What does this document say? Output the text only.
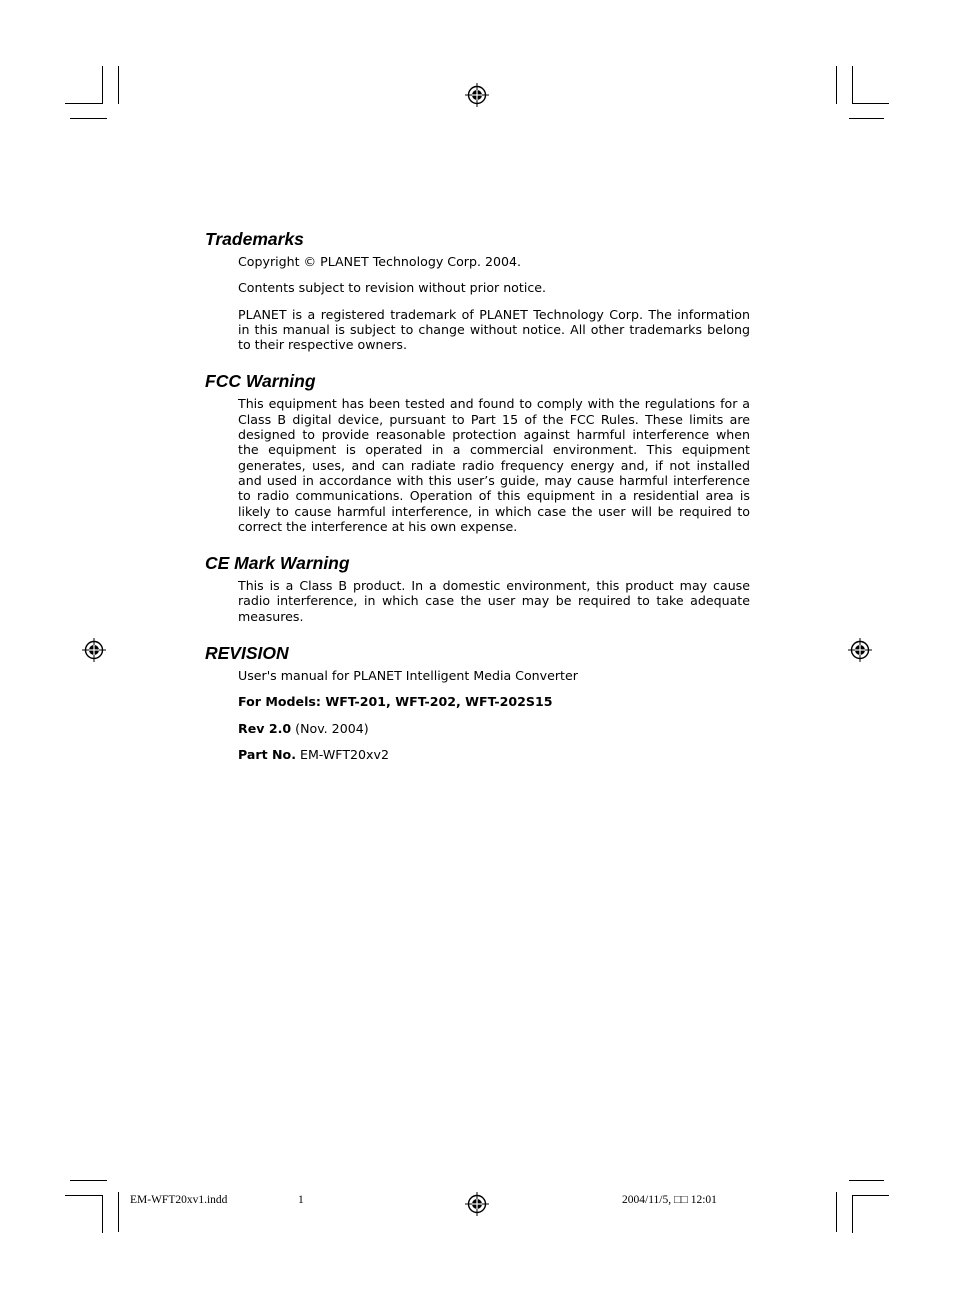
Trademarks

Copyright © PLANET Technology Corp. 2004.

Contents subject to revision without prior notice.

PLANET is a registered trademark of PLANET Technology Corp. The information in this manual is subject to change without notice. All other trademarks belong to their respective owners.

FCC Warning

This equipment has been tested and found to comply with the regulations for a Class B digital device, pursuant to Part 15 of the FCC Rules. These limits are designed to provide reasonable protection against harmful interference when the equipment is operated in a commercial environment. This equipment generates, uses, and can radiate radio frequency energy and, if not installed and used in accordance with this user’s guide, may cause harmful interference to radio communications. Operation of this equipment in a residential area is likely to cause harmful interference, in which case the user will be required to correct the interference at his own expense.

CE Mark Warning

This is a Class B product. In a domestic environment, this product may cause radio interference, in which case the user may be required to take adequate measures.

REVISION

User's manual for PLANET Intelligent Media Converter

For Models: WFT-201, WFT-202, WFT-202S15

Rev 2.0 (Nov. 2004)

Part No. EM-WFT20xv2

EM-WFT20xv1.indd	1	2004/11/5, □□ 12:01
